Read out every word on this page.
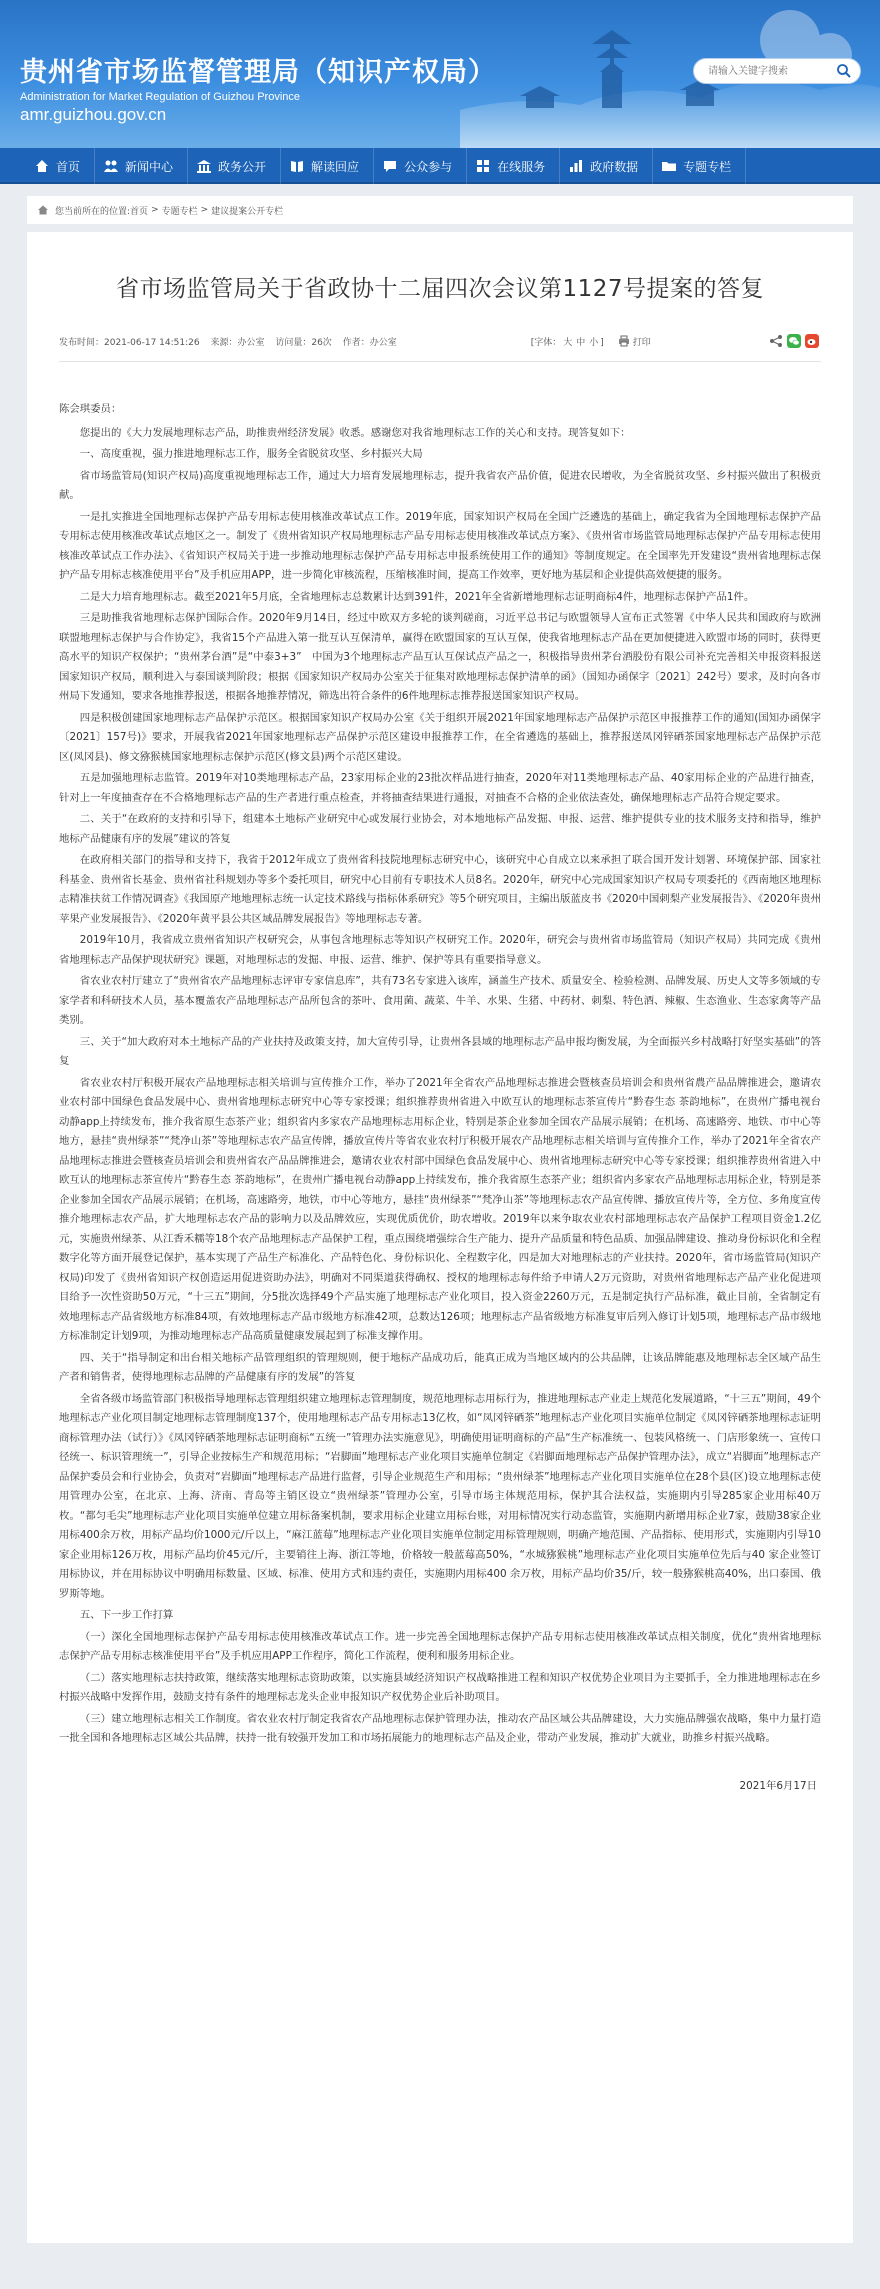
贵州省市场监督管理局（知识产权局）
Administration for Market Regulation of Guizhou Province
amr.guizhou.gov.cn
请输入关键字搜索
首页	新闻中心	政务公开	解读回应	公众参与	在线服务	政府数据	专题专栏
您当前所在的位置: 首页 > 专题专栏 > 建议提案公开专栏
省市场监管局关于省政协十二届四次会议第1127号提案的答复
发布时间：2021-06-17 14:51:26 来源：办公室 访问量：26次 作者：办公室	[字体： 大 中 小 ]	打印

陈会琪委员：

您提出的《大力发展地理标志产品，助推贵州经济发展》收悉。感谢您对我省地理标志工作的关心和支持。现答复如下：

一、高度重视，强力推进地理标志工作，服务全省脱贫攻坚、乡村振兴大局

省市场监管局(知识产权局)高度重视地理标志工作，通过大力培育发展地理标志，提升我省农产品价值，促进农民增收，为全省脱贫攻坚、乡村振兴做出了积极贡献。

一是扎实推进全国地理标志保护产品专用标志使用核准改革试点工作。2019年底，国家知识产权局在全国广泛遴选的基础上，确定我省为全国地理标志保护产品专用标志使用核准改革试点地区之一。制发了《贵州省知识产权局地理标志产品专用标志使用核准改革试点方案》、《贵州省市场监管局地理标志保护产品专用标志使用核准改革试点工作办法》、《省知识产权局关于进一步推动地理标志保护产品专用标志申报系统使用工作的通知》等制度规定。在全国率先开发建设“贵州省地理标志保护产品专用标志核准使用平台”及手机应用APP，进一步简化审核流程，压缩核准时间，提高工作效率，更好地为基层和企业提供高效便捷的服务。

二是大力培育地理标志。截至2021年5月底，全省地理标志总数累计达到391件，2021年全省新增地理标志证明商标4件，地理标志保护产品1件。

三是助推我省地理标志保护国际合作。2020年9月14日，经过中欧双方多轮的谈判磋商，习近平总书记与欧盟领导人宣布正式签署《中华人民共和国政府与欧洲联盟地理标志保护与合作协定》，我省15个产品进入第一批互认互保清单，赢得在欧盟国家的互认互保，使我省地理标志产品在更加便捷进入欧盟市场的同时，获得更高水平的知识产权保护；“贵州茅台酒”是“中泰3+3”　中国为3个地理标志产品互认互保试点产品之一，积极指导贵州茅台酒股份有限公司补充完善相关申报资料报送国家知识产权局，顺利进入与泰国谈判阶段；根据《国家知识产权局办公室关于征集对欧地理标志保护清单的函》（国知办函保字〔2021〕242号）要求，及时向各市州局下发通知，要求各地推荐报送，根据各地推荐情况，筛选出符合条件的6件地理标志推荐报送国家知识产权局。

四是积极创建国家地理标志产品保护示范区。根据国家知识产权局办公室《关于组织开展2021年国家地理标志产品保护示范区申报推荐工作的通知(国知办函保字〔2021〕157号)》要求，开展我省2021年国家地理标志产品保护示范区建设申报推荐工作，在全省遴选的基础上，推荐报送凤冈锌硒茶国家地理标志产品保护示范区(凤冈县)、修文猕猴桃国家地理标志保护示范区(修文县)两个示范区建设。

五是加强地理标志监管。2019年对10类地理标志产品，23家用标企业的23批次样品进行抽查，2020年对11类地理标志产品、40家用标企业的产品进行抽查，针对上一年度抽查存在不合格地理标志产品的生产者进行重点检查，并将抽查结果进行通报，对抽查不合格的企业依法查处，确保地理标志产品符合规定要求。

二、关于“在政府的支持和引导下，组建本土地标产业研究中心或发展行业协会，对本地地标产品发掘、申报、运营、维护提供专业的技术服务支持和指导，维护地标产品健康有序的发展”建议的答复

在政府相关部门的指导和支持下，我省于2012年成立了贵州省科技院地理标志研究中心，该研究中心自成立以来承担了联合国开发计划署、环境保护部、国家社科基金、贵州省长基金、贵州省社科规划办等多个委托项目，研究中心目前有专职技术人员8名。2020年，研究中心完成国家知识产权局专项委托的《西南地区地理标志精准扶贫工作情况调查》《我国原产地地理标志统一认定技术路线与指标体系研究》等5个研究项目，主编出版蓝皮书《2020中国刺梨产业发展报告》、《2020年贵州苹果产业发展报告》、《2020年黄平县公共区域品牌发展报告》等地理标志专著。

2019年10月，我省成立贵州省知识产权研究会，从事包含地理标志等知识产权研究工作。2020年，研究会与贵州省市场监管局（知识产权局）共同完成《贵州省地理标志产品保护现状研究》课题，对地理标志的发掘、申报、运营、维护、保护等具有重要指导意义。

省农业农村厅建立了“贵州省农产品地理标志评审专家信息库”，共有73名专家进入该库，涵盖生产技术、质量安全、检验检测、品牌发展、历史人文等多领域的专家学者和科研技术人员，基本覆盖农产品地理标志产品所包含的茶叶、食用菌、蔬菜、牛羊、水果、生猪、中药材、刺梨、特色酒、辣椒、生态渔业、生态家禽等产品类别。

三、关于“加大政府对本土地标产品的产业扶持及政策支持，加大宣传引导，让贵州各县域的地理标志产品申报均衡发展，为全面振兴乡村战略打好坚实基础”的答复

省农业农村厅积极开展农产品地理标志相关培训与宣传推介工作，举办了2021年全省农产品地理标志推进会暨核查员培训会和贵州省農产品品牌推进会，邀请农业农村部中国绿色食品发展中心、贵州省地理标志研究中心等专家授课；组织推荐贵州省进入中欧互认的地理标志茶宣传片“黔春生态 茶韵地标”，在贵州广播电视台动静app上持续发布，推介我省原生态茶产业；组织省内多家农产品地理标志用标企业，特别是茶企业参加全国农产品展示展销；在机场、高速路旁、地铁、市中心等地方，悬挂“贵州绿茶”“梵净山茶”等地理标志农产品宣传牌，播放宣传片等省农业农村厅积极开展农产品地理标志相关培训与宣传推介工作，举办了2021年全省农产品地理标志推进会暨核查员培训会和贵州省农产品品牌推进会，邀请农业农村部中国绿色食品发展中心、贵州省地理标志研究中心等专家授课；组织推荐贵州省进入中欧互认的地理标志茶宣传片“黔春生态 茶韵地标”，在贵州广播电视台动静app上持续发布，推介我省原生态茶产业；组织省内多家农产品地理标志用标企业，特别是茶企业参加全国农产品展示展销；在机场，高速路旁，地铁，市中心等地方，悬挂“贵州绿茶”“梵净山茶”等地理标志农产品宣传牌、播放宣传片等，全方位、多角度宣传推介地理标志农产品，扩大地理标志农产品的影响力以及品牌效应，实现优质优价，助农增收。2019年以来争取农业农村部地理标志农产品保护工程项目资金1.2亿元，实施贵州绿茶、从江香禾糯等18个农产品地理标志产品保护工程，重点围绕增强综合生产能力、提升产品质量和特色品质、加强品牌建设、推动身份标识化和全程数字化等方面开展登记保护，基本实现了产品生产标准化、产品特色化、身份标识化、全程数字化，四是加大对地理标志的产业扶持。2020年，省市场监管局(知识产权局)印发了《贵州省知识产权创造运用促进资助办法》，明确对不同渠道获得确权、授权的地理标志每件给予申请人2万元资助，对贵州省地理标志产品产业化促进项目给予一次性资助50万元，“十三五”期间，分5批次选择49个产品实施了地理标志产业化项目，投入资金2260万元，五是制定执行产品标准，截止目前，全省制定有效地理标志产品省级地方标准84项，有效地理标志产品市级地方标准42项，总数达126项；地理标志产品省级地方标准复审后列入修订计划5项，地理标志产品市级地方标准制定计划9项，为推动地理标志产品高质量健康发展起到了标准支撑作用。

四、关于“指导制定和出台相关地标产品管理组织的管理规则，便于地标产品成功后，能真正成为当地区域内的公共品牌，让该品牌能惠及地理标志全区域产品生产者和销售者，使得地理标志品牌的产品健康有序的发展”的答复

全省各级市场监管部门积极指导地理标志管理组织建立地理标志管理制度，规范地理标志用标行为，推进地理标志产业走上规范化发展道路，“十三五”期间，49个地理标志产业化项目制定地理标志管理制度137个，使用地理标志产品专用标志13亿枚，如“凤冈锌硒茶”地理标志产业化项目实施单位制定《凤冈锌硒茶地理标志证明商标管理办法（试行）》《凤冈锌硒茶地理标志证明商标“五统一”管理办法实施意见》，明确使用证明商标的产品“生产标准统一、包装风格统一、门店形象统一、宣传口径统一、标识管理统一”，引导企业按标生产和规范用标；“岩脚面”地理标志产业化项目实施单位制定《岩脚面地理标志产品保护管理办法》，成立“岩脚面”地理标志产品保护委员会和行业协会，负责对“岩脚面”地理标志产品进行监督，引导企业规范生产和用标；“贵州绿茶”地理标志产业化项目实施单位在28个县(区)设立地理标志使用管理办公室，在北京、上海、济南、青岛等主销区设立“贵州绿茶”管理办公室，引导市场主体规范用标，保护其合法权益，实施期内引导285家企业用标40万枚。“都匀毛尖”地理标志产业化项目实施单位建立用标备案机制，要求用标企业建立用标台账，对用标情况实行动态监管，实施期内新增用标企业7家，鼓励38家企业用标400余万枚，用标产品均价1000元/斤以上，“麻江蓝莓”地理标志产业化项目实施单位制定用标管理规则，明确产地范围、产品指标、使用形式，实施期内引导10 家企业用标126万枚，用标产品均价45元/斤，主要销往上海、浙江等地，价格较一般蓝莓高50%，“水城猕猴桃”地理标志产业化项目实施单位先后与40 家企业签订用标协议，并在用标协议中明确用标数量、区域、标准、使用方式和违约责任，实施期内用标400 余万枚，用标产品均价35/斤，较一般猕猴桃高40%，出口泰国、俄罗斯等地。

五、下一步工作打算

（一）深化全国地理标志保护产品专用标志使用核准改革试点工作。进一步完善全国地理标志保护产品专用标志使用核准改革试点相关制度，优化“贵州省地理标志保护产品专用标志核准使用平台”及手机应用APP工作程序，简化工作流程，便利和服务用标企业。

（二）落实地理标志扶持政策，继续落实地理标志资助政策，以实施县域经济知识产权战略推进工程和知识产权优势企业项目为主要抓手，全力推进地理标志在乡村振兴战略中发挥作用，鼓励支持有条件的地理标志龙头企业申报知识产权优势企业后补助项目。

（三）建立地理标志相关工作制度。省农业农村厅制定我省农产品地理标志保护管理办法，推动农产品区域公共品牌建设，大力实施品牌强农战略，集中力量打造一批全国和各地理标志区域公共品牌，扶持一批有较强开发加工和市场拓展能力的地理标志产品及企业，带动产业发展，推动扩大就业，助推乡村振兴战略。

2021年6月17日
